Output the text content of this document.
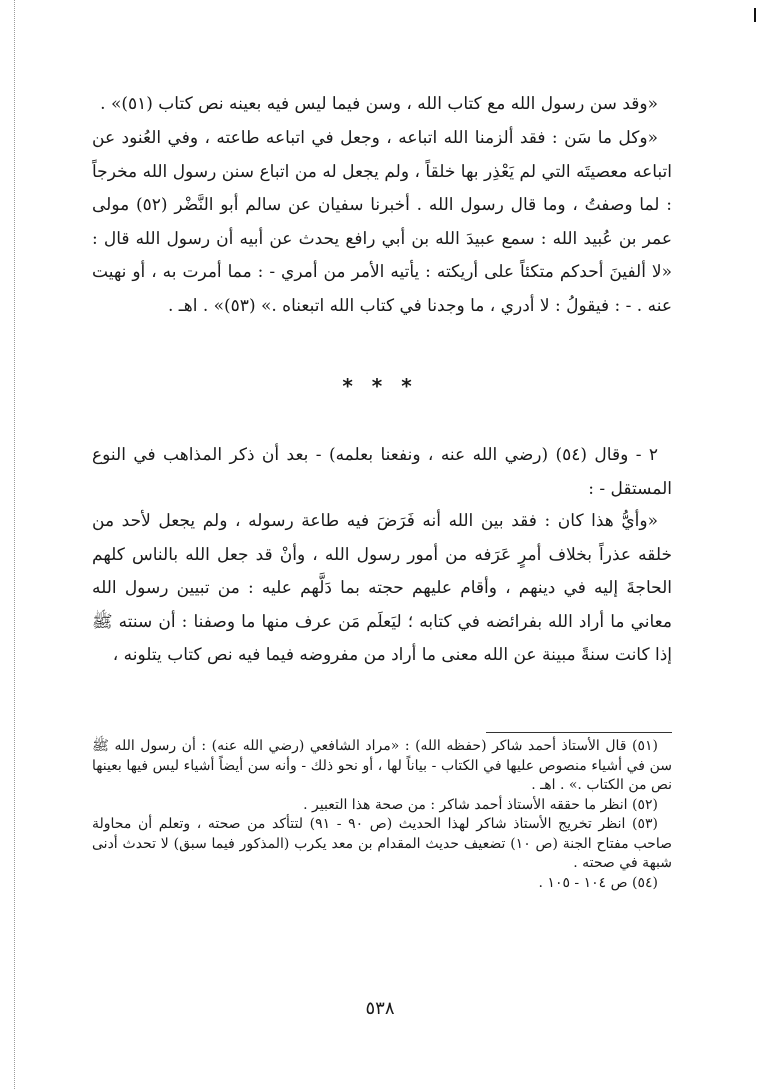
«وقد سن رسول الله مع كتاب الله ، وسن فيما ليس فيه بعينه نص كتاب (٥١)» .

«وكل ما سَن : فقد ألزمنا الله اتباعه ، وجعل في اتباعه طاعته ، وفي العُنود عن اتباعه معصيتَه التي لم يَعْذِر بها خلقاً ، ولم يجعل له من اتباع سنن رسول الله مخرجاً : لما وصفتُ ، وما قال رسول الله . أخبرنا سفيان عن سالم أبو النَّضْر (٥٢) مولى عمر بن عُبيد الله : سمع عبيدَ الله بن أبي رافع يحدث عن أبيه أن رسول الله قال : «لا ألفينَ أحدكم متكئاً على أريكته : يأتيه الأمر من أمري - : مما أمرت به ، أو نهيت عنه . - : فيقولُ : لا أدري ، ما وجدنا في كتاب الله اتبعناه .» (٥٣)» . اهـ .

* * *

٢ - وقال (٥٤) (رضي الله عنه ، ونفعنا بعلمه) - بعد أن ذكر المذاهب في النوع المستقل - :

«وأيُّ هذا كان : فقد بين الله أنه فَرَضَ فيه طاعة رسوله ، ولم يجعل لأحد من خلقه عذراً بخلاف أمرٍ عَرَفه من أمور رسول الله ، وأنْ قد جعل الله بالناس كلهم الحاجةَ إليه في دينهم ، وأقام عليهم حجته بما دَلَّهم عليه : من تبيين رسول الله معاني ما أراد الله بفرائضه في كتابه ؛ ليَعلَم مَن عرف منها ما وصفنا : أن سنته ﷺ إذا كانت سنةً مبينة عن الله معنى ما أراد من مفروضه فيما فيه نص كتاب يتلونه ،

(٥١) قال الأستاذ أحمد شاكر (حفظه الله) : «مراد الشافعي (رضي الله عنه) : أن رسول الله ﷺ سن في أشياء منصوص عليها في الكتاب - بياناً لها ، أو نحو ذلك - وأنه سن أيضاً أشياء ليس فيها بعينها نص من الكتاب .» . اهـ .

(٥٢) انظر ما حققه الأستاذ أحمد شاكر : من صحة هذا التعبير .

(٥٣) انظر تخريج الأستاذ شاكر لهذا الحديث (ص ٩٠ - ٩١) لتتأكد من صحته ، وتعلم أن محاولة صاحب مفتاح الجنة (ص ١٠) تضعيف حديث المقدام بن معد يكرب (المذكور فيما سبق) لا تحدث أدنى شبهة في صحته .

(٥٤) ص ١٠٤ - ١٠٥ .

٥٣٨
